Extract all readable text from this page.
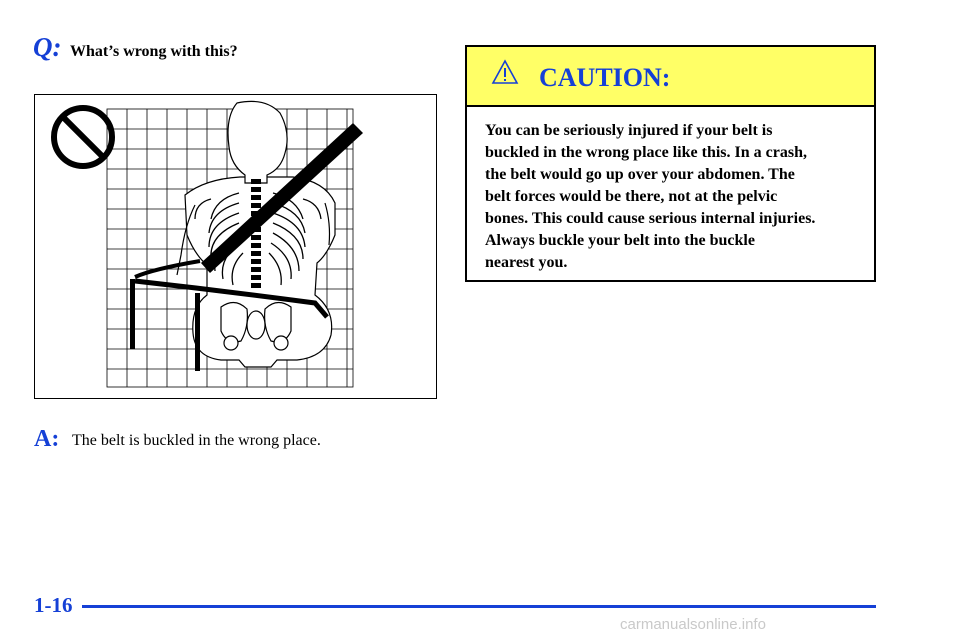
Q: What’s wrong with this?
A: The belt is buckled in the wrong place.
CAUTION:
You can be seriously injured if your belt is
buckled in the wrong place like this. In a crash,
the belt would go up over your abdomen. The
belt forces would be there, not at the pelvic
bones. This could cause serious internal injuries.
Always buckle your belt into the buckle
nearest you.
1-16
carmanualsonline.info
